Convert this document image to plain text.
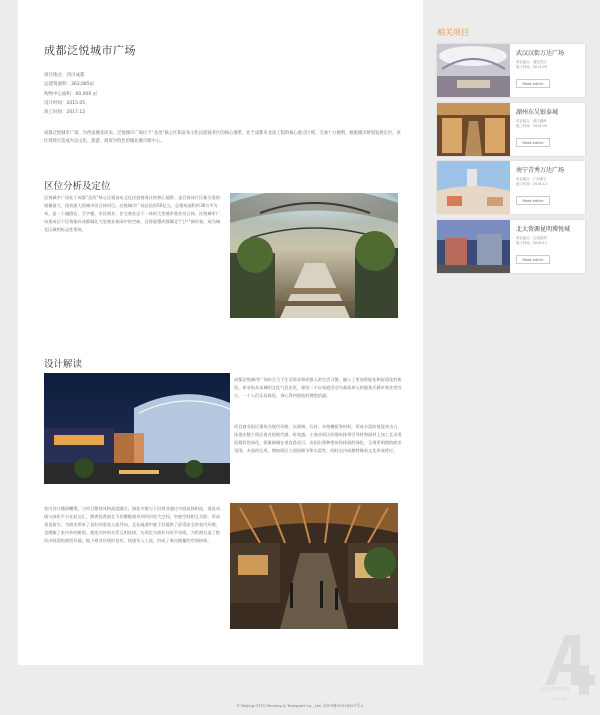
成都泛悦城市广场
项目地点：四川成都
总建筑面积：363,085㎡
购物中心面积：60,000 ㎡
设计时间：2015.05
竣工时间：2017.12
成都泛悦城市广场，为西安城北而来。泛悦城市广场位于“北改”核心区韬奋布文化民游商务区的核心地带，处于成都市北改工程的核心重点区域，交通十分便利。根据城市规划发展定位，该区域将打造成为以文化、旅游、商贸为特色的城北城市新中心。
区位分析及定位
泛悦城市广场处于成都“北改”核心区韬奋布文化民游商务区的核心地带，是目前该片区新引进的规模最大、投资最大的城市综合体项目。泛悦城市广场总投资50亿元，总建筑面积约36万平方米，是一个融酒店、写字楼、市区商业、住宅商业态于一体的大型城市商业综合体。泛悦城市广场建成后不仅将取补成都城北大型商业休闲中的空缺，还将重塑成都城北“门户”新形象，成为城北区域的标志性建筑。
设计解读
成都泛悦城市广场结合当下生活需求和成都人的生活习惯，融入了更加智能化和舒适化的体验，更录的从本城的文化气息出发，建设一个以家庭活动为基础单元的服务式城市商业类综合，一个人们乐居体验，身心得到放松的理想消遣。
项目商业街区建筑为现代风格，以玻璃、石材、木格栅板等材料，形成丰富的视觉冲击力，体现出整个街区商业的现代感、时尚感。主商业街区的建筑体带引导材和面材上加工艺采用很精彩的深化，体量新城在垂直悬里可。而拟出现种建筑和体面的绿化，呈现更明朗的商业氛围。木质的运用，增加街区立面的细节和丰富性，同时也衬成都特殊的文化形成呼应。
室内设计抛砖鞭策，与项目整体风格高度融合。绿化中庭与下层商业通过中庭高体相连，垂直动线与绿化平台在此交汇，拥香馆香最在下层鹅舱商享到四层的大空间，中庭空间相互关联，形成垂直街引，为商业带来了良好的垂直人流导向，且在疏通中庭下层提供了舒适安全的室内环境，也缓解了室内外的树荫，使室内外的关系互相连接，实现定为商业环形平动线，为给商打造了绝沙沙间窝的商贸环境。地下商业层线形也有，快速导入人流，形成了离设便捷的空间结构。
相关项目
武汉汉街万达广场
项目地点：湖北武汉
竣工时间：2013.09
Read article
湖州东吴银泰城
项目地点：浙江湖州
竣工时间：2014.05
Read article
南宁青秀万达广场
项目地点：广西南宁
竣工时间：2014.12
Read article
北大资源昆明博悦城
项目地点：云南昆明
竣工时间：2016.11
Read article
DESIGNER
设计师联盟
© Beijing OTTO Packing & Transport Co., Ltd. 京ICP备15316257号-1
